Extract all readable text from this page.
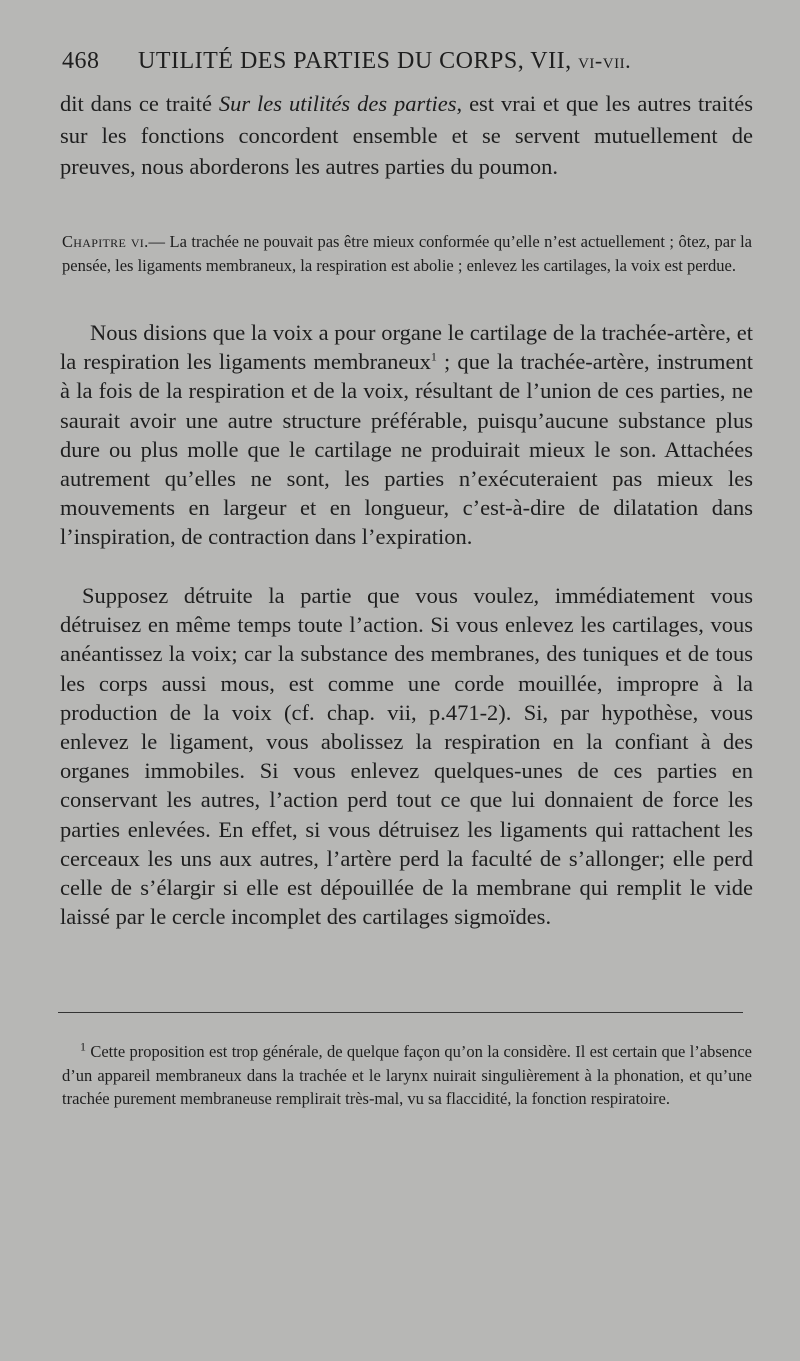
468 UTILITÉ DES PARTIES DU CORPS, VII, vi-vii.

dit dans ce traité Sur les utilités des parties, est vrai et que les autres traités sur les fonctions concordent ensemble et se servent mutuellement de preuves, nous aborderons les autres parties du poumon.

Chapitre vi.— La trachée ne pouvait pas être mieux conformée qu’elle n’est actuellement ; ôtez, par la pensée, les ligaments membraneux, la respiration est abolie ; enlevez les cartilages, la voix est perdue.

Nous disions que la voix a pour organe le cartilage de la trachée-artère, et la respiration les ligaments membraneux$^1$ ; que la trachée-artère, instrument à la fois de la respiration et de la voix, résultant de l’union de ces parties, ne saurait avoir une autre structure préférable, puisqu’aucune substance plus dure ou plus molle que le cartilage ne produirait mieux le son. Attachées autrement qu’elles ne sont, les parties n’exécuteraient pas mieux les mouvements en largeur et en longueur, c’est-à-dire de dilatation dans l’inspiration, de contraction dans l’expiration.

Supposez détruite la partie que vous voulez, immédiatement vous détruisez en même temps toute l’action. Si vous enlevez les cartilages, vous anéantissez la voix; car la substance des membranes, des tuniques et de tous les corps aussi mous, est comme une corde mouillée, impropre à la production de la voix (cf. chap. vii, p.471-2). Si, par hypothèse, vous enlevez le ligament, vous abolissez la respiration en la confiant à des organes immobiles. Si vous enlevez quelques-unes de ces parties en conservant les autres, l’action perd tout ce que lui donnaient de force les parties enlevées. En effet, si vous détruisez les ligaments qui rattachent les cerceaux les uns aux autres, l’artère perd la faculté de s’allonger; elle perd celle de s’élargir si elle est dépouillée de la membrane qui remplit le vide laissé par le cercle incomplet des cartilages sigmoïdes.

$^1$ Cette proposition est trop générale, de quelque façon qu’on la considère. Il est certain que l’absence d’un appareil membraneux dans la trachée et le larynx nuirait singulièrement à la phonation, et qu’une trachée purement membraneuse remplirait très-mal, vu sa flaccidité, la fonction respiratoire.
